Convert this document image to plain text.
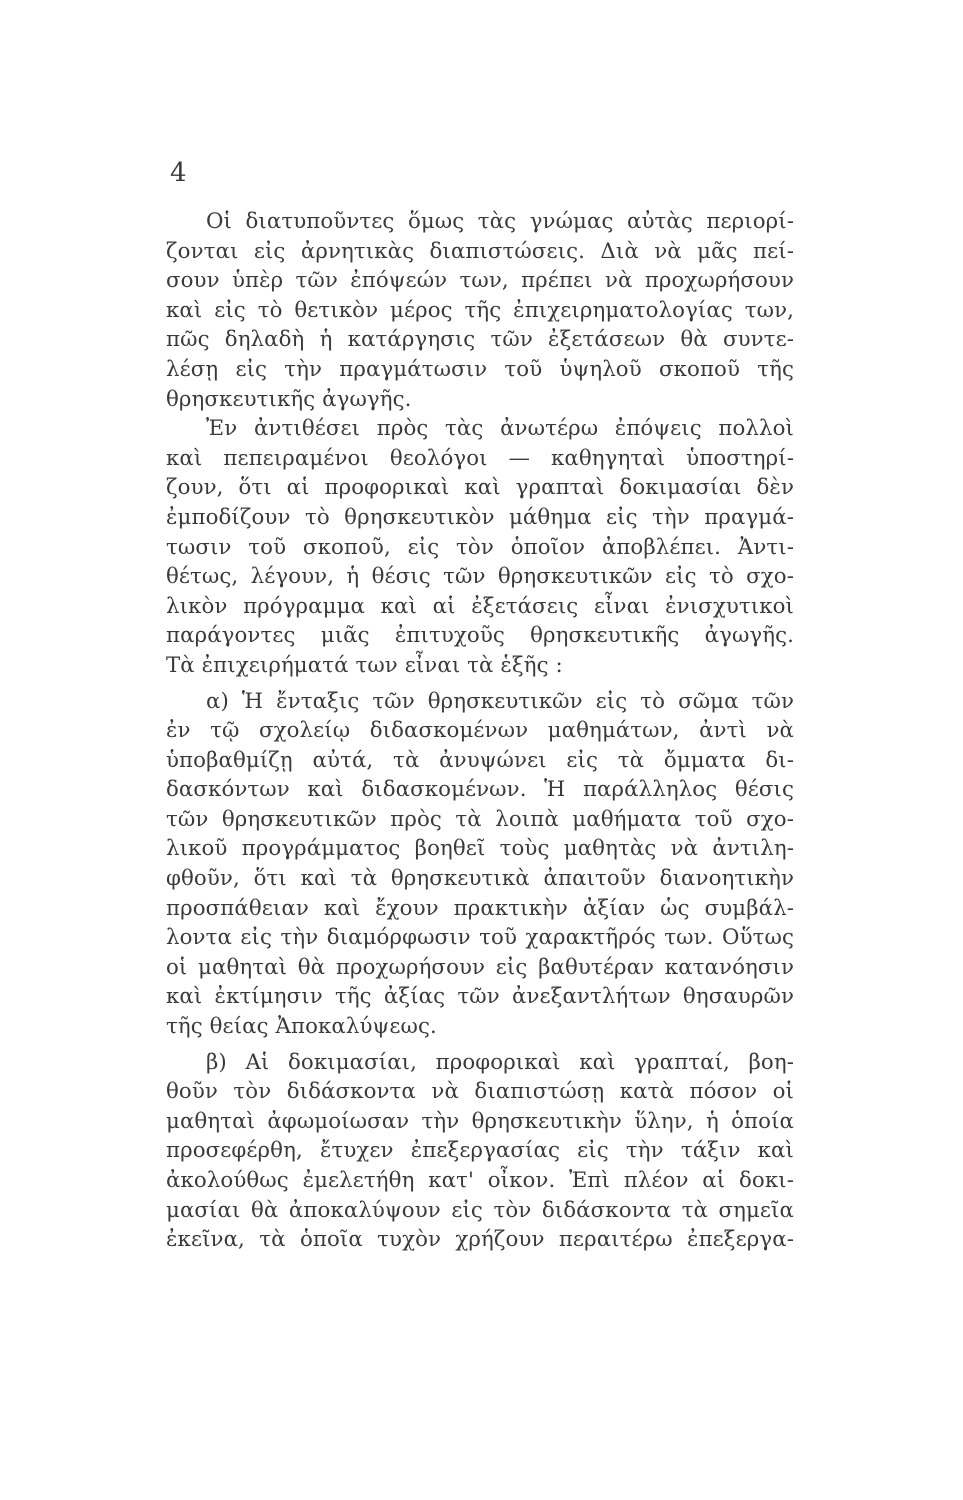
4
Οἱ διατυποῦντες ὅμως τὰς γνώμας αὐτὰς περιορί-
ζονται εἰς ἀρνητικὰς διαπιστώσεις. Διὰ νὰ μᾶς πεί-
σουν ὑπὲρ τῶν ἐπόψεών των, πρέπει νὰ προχωρήσουν
καὶ εἰς τὸ θετικὸν μέρος τῆς ἐπιχειρηματολογίας των,
πῶς δηλαδὴ ἡ κατάργησις τῶν ἐξετάσεων θὰ συντε-
λέσῃ εἰς τὴν πραγμάτωσιν τοῦ ὑψηλοῦ σκοποῦ τῆς
θρησκευτικῆς ἀγωγῆς.
Ἐν ἀντιθέσει πρὸς τὰς ἀνωτέρω ἐπόψεις πολλοὶ
καὶ πεπειραμένοι θεολόγοι — καθηγηταὶ ὑποστηρί-
ζουν, ὅτι αἱ προφορικαὶ καὶ γραπταὶ δοκιμασίαι δὲν
ἐμποδίζουν τὸ θρησκευτικὸν μάθημα εἰς τὴν πραγμά-
τωσιν τοῦ σκοποῦ, εἰς τὸν ὁποῖον ἀποβλέπει. Ἀντι-
θέτως, λέγουν, ἡ θέσις τῶν θρησκευτικῶν εἰς τὸ σχο-
λικὸν πρόγραμμα καὶ αἱ ἐξετάσεις εἶναι ἐνισχυτικοὶ
παράγοντες μιᾶς ἐπιτυχοῦς θρησκευτικῆς ἀγωγῆς.
Τὰ ἐπιχειρήματά των εἶναι τὰ ἑξῆς :
α) Ἡ ἔνταξις τῶν θρησκευτικῶν εἰς τὸ σῶμα τῶν
ἐν τῷ σχολείῳ διδασκομένων μαθημάτων, ἀντὶ νὰ
ὑποβαθμίζῃ αὐτά, τὰ ἀνυψώνει εἰς τὰ ὄμματα δι-
δασκόντων καὶ διδασκομένων. Ἡ παράλληλος θέσις
τῶν θρησκευτικῶν πρὸς τὰ λοιπὰ μαθήματα τοῦ σχο-
λικοῦ προγράμματος βοηθεῖ τοὺς μαθητὰς νὰ ἀντιλη-
φθοῦν, ὅτι καὶ τὰ θρησκευτικὰ ἀπαιτοῦν διανοητικὴν
προσπάθειαν καὶ ἔχουν πρακτικὴν ἀξίαν ὡς συμβάλ-
λοντα εἰς τὴν διαμόρφωσιν τοῦ χαρακτῆρός των. Οὕτως
οἱ μαθηταὶ θὰ προχωρήσουν εἰς βαθυτέραν κατανόησιν
καὶ ἐκτίμησιν τῆς ἀξίας τῶν ἀνεξαντλήτων θησαυρῶν
τῆς θείας Ἀποκαλύψεως.
β) Αἱ δοκιμασίαι, προφορικαὶ καὶ γραπταί, βοη-
θοῦν τὸν διδάσκοντα νὰ διαπιστώσῃ κατὰ πόσον οἱ
μαθηταὶ ἀφωμοίωσαν τὴν θρησκευτικὴν ὕλην, ἡ ὁποία
προσεφέρθη, ἔτυχεν ἐπεξεργασίας εἰς τὴν τάξιν καὶ
ἀκολούθως ἐμελετήθη κατ' οἶκον. Ἐπὶ πλέον αἱ δοκι-
μασίαι θὰ ἀποκαλύψουν εἰς τὸν διδάσκοντα τὰ σημεῖα
ἐκεῖνα, τὰ ὁποῖα τυχὸν χρήζουν περαιτέρω ἐπεξεργα-
